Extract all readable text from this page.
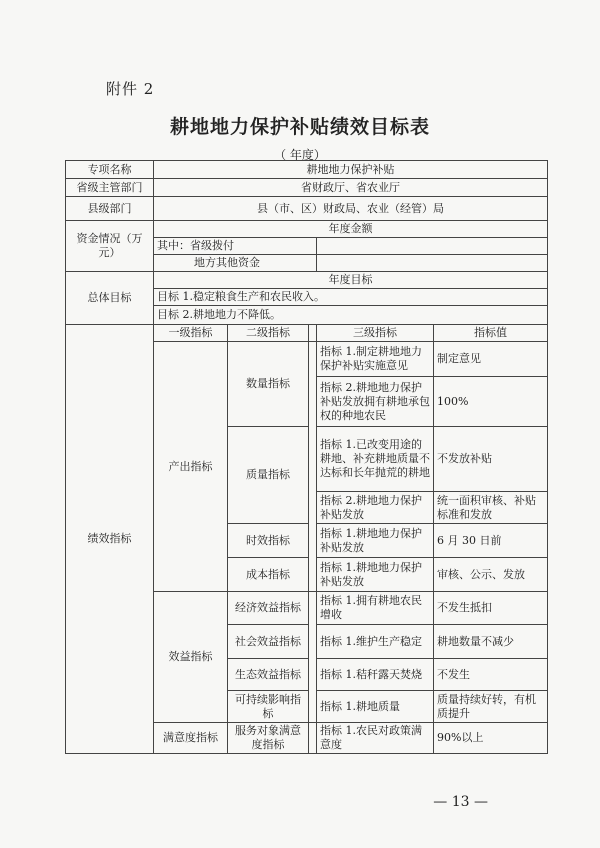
附件 2
耕地地力保护补贴绩效目标表
（ 年度）
专项名称	耕地地力保护补贴				
省级主管部门	省财政厅、省农业厅				
县级部门	县（市、区）财政局、农业（经管）局				
资金情况（万元）	年度金额				
	其中：省级拨付				
	地方其他资金				
总体目标	年度目标				
	目标 1.稳定粮食生产和农民收入。				
	目标 2.耕地地力不降低。				
绩效指标	一级指标	二级指标		三级指标	指标值
	产出指标	数量指标		指标 1.制定耕地地力保护补贴实施意见	制定意见
				指标 2.耕地地力保护补贴发放拥有耕地承包权的种地农民	100%
		质量指标		指标 1.已改变用途的耕地、补充耕地质量不达标和长年抛荒的耕地	不发放补贴
				指标 2.耕地地力保护补贴发放	统一面积审核、补贴标准和发放
		时效指标		指标 1.耕地地力保护补贴发放	6 月 30 日前
		成本指标		指标 1.耕地地力保护补贴发放	审核、公示、发放
	效益指标	经济效益指标		指标 1.拥有耕地农民增收	不发生抵扣
		社会效益指标		指标 1.维护生产稳定	耕地数量不减少
		生态效益指标		指标 1.秸秆露天焚烧	不发生
		可持续影响指标		指标 1.耕地质量	质量持续好转，有机质提升
	满意度指标	服务对象满意度指标		指标 1.农民对政策满意度	90%以上
— 13 —
